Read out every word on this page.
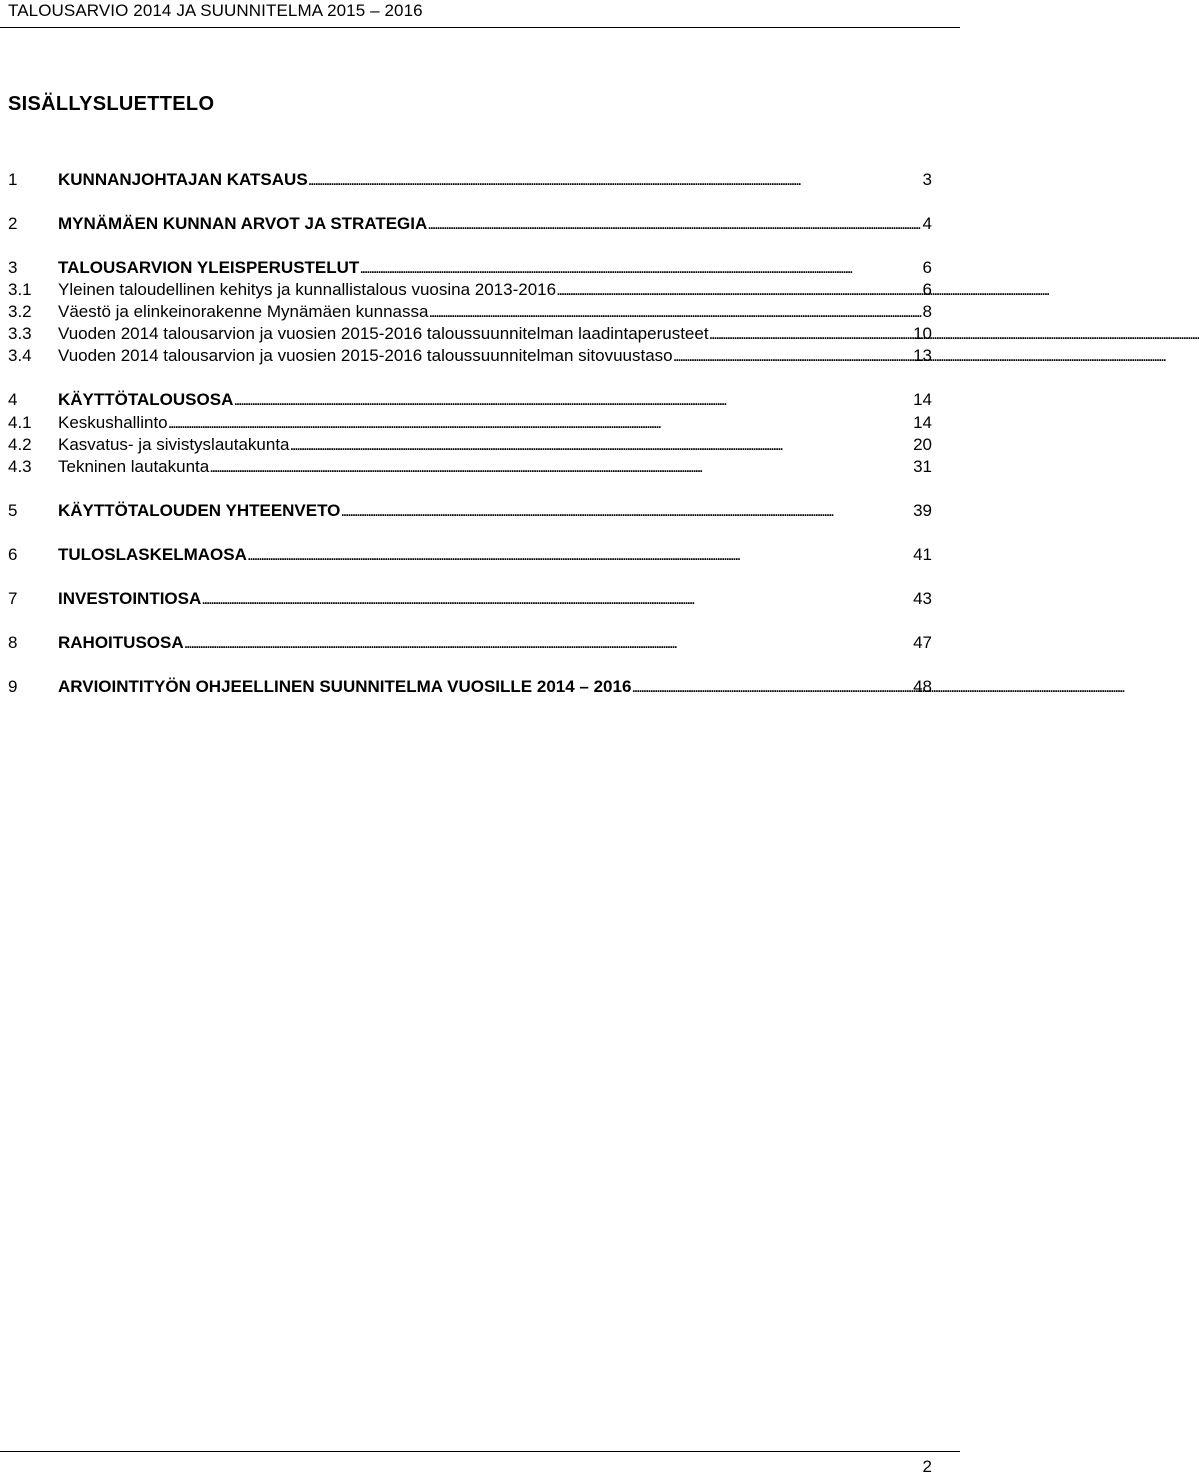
TALOUSARVIO 2014 JA SUUNNITELMA 2015 – 2016
SISÄLLYSLUETTELO
1	KUNNANJOHTAJAN KATSAUS . . .	3
2	MYNÄMÄEN KUNNAN ARVOT JA STRATEGIA . . .	4
3	TALOUSARVION YLEISPERUSTELUT . . .	6
3.1	Yleinen taloudellinen kehitys ja kunnallistalous vuosina 2013-2016 . . .	6
3.2	Väestö ja elinkeinorakenne Mynämäen kunnassa . . .	8
3.3	Vuoden 2014 talousarvion ja vuosien 2015-2016 taloussuunnitelman laadintaperusteet . . .	10
3.4	Vuoden 2014 talousarvion ja vuosien 2015-2016 taloussuunnitelman sitovuustaso . . .	13
4	KÄYTTÖTALOUSOSA . . .	14
4.1	Keskushallinto . . .	14
4.2	Kasvatus- ja sivistyslautakunta . . .	20
4.3	Tekninen lautakunta . . .	31
5	KÄYTTÖTALOUDEN YHTEENVETO . . .	39
6	TULOSLASKELMAOSA . . .	41
7	INVESTOINTIOSA . . .	43
8	RAHOITUSOSA . . .	47
9	ARVIOINTITYÖN OHJEELLINEN SUUNNITELMA VUOSILLE 2014 – 2016 . . .	48
2
